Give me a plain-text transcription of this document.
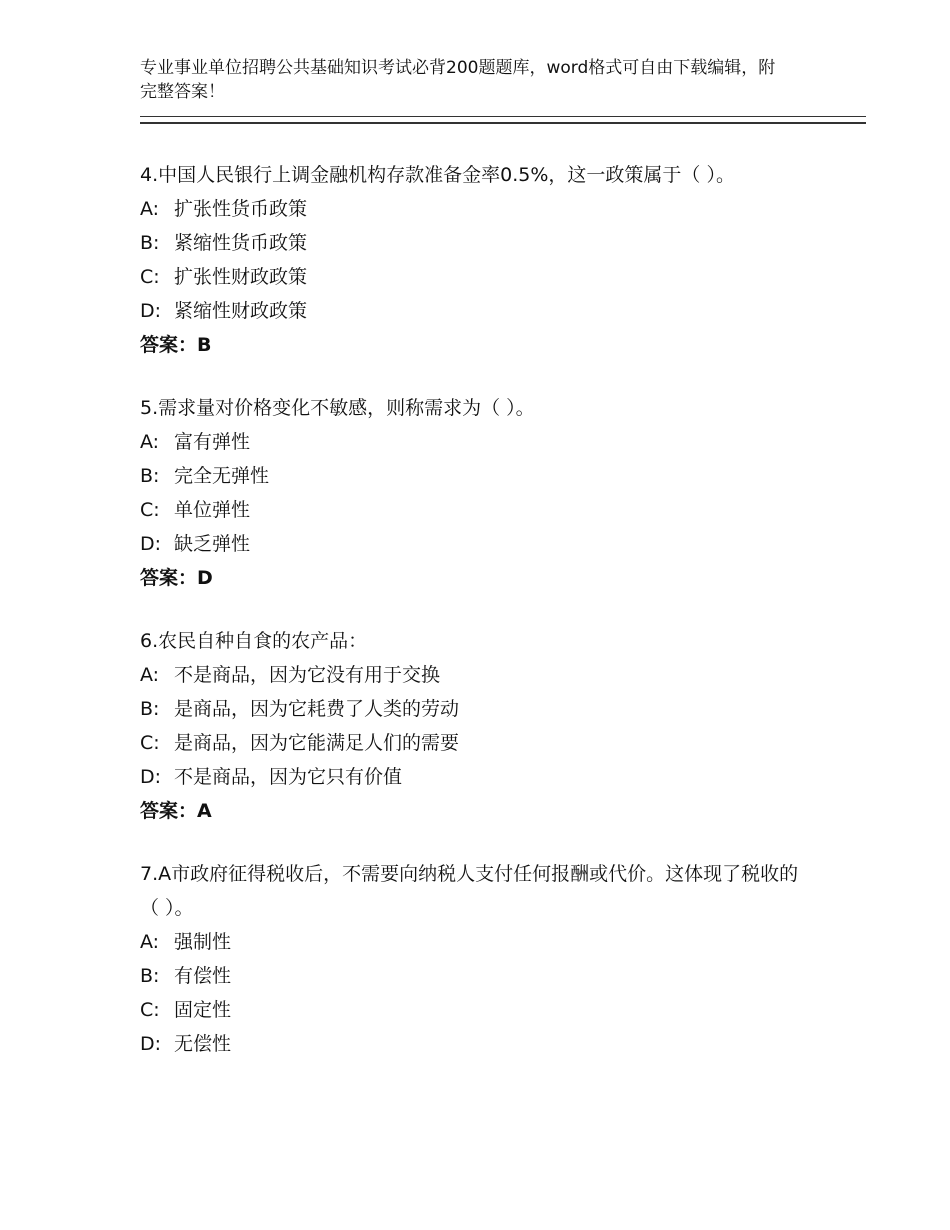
专业事业单位招聘公共基础知识考试必背200题题库，word格式可自由下载编辑，附完整答案！
4.中国人民银行上调金融机构存款准备金率0.5%，这一政策属于（ ）。
A: 扩张性货币政策
B: 紧缩性货币政策
C: 扩张性财政政策
D: 紧缩性财政政策
答案：B
5.需求量对价格变化不敏感，则称需求为（ ）。
A: 富有弹性
B: 完全无弹性
C: 单位弹性
D: 缺乏弹性
答案：D
6.农民自种自食的农产品：
A: 不是商品，因为它没有用于交换
B: 是商品，因为它耗费了人类的劳动
C: 是商品，因为它能满足人们的需要
D: 不是商品，因为它只有价值
答案：A
7.A市政府征得税收后，不需要向纳税人支付任何报酬或代价。这体现了税收的（ ）。
A: 强制性
B: 有偿性
C: 固定性
D: 无偿性
